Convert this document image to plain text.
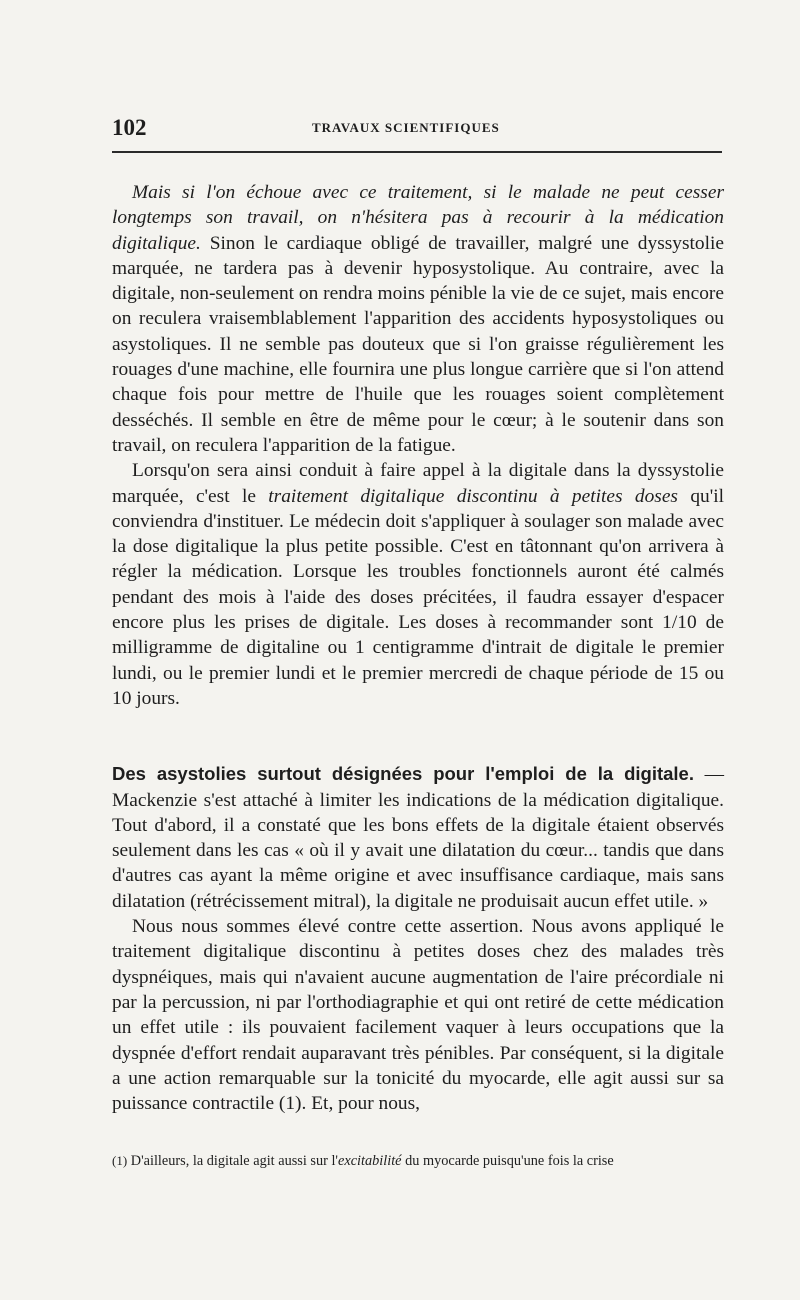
102	TRAVAUX SCIENTIFIQUES

Mais si l'on échoue avec ce traitement, si le malade ne peut cesser longtemps son travail, on n'hésitera pas à recourir à la médication digitalique. Sinon le cardiaque obligé de travailler, malgré une dyssystolie marquée, ne tardera pas à devenir hyposystolique. Au contraire, avec la digitale, non-seulement on rendra moins pénible la vie de ce sujet, mais encore on reculera vraisemblablement l'apparition des accidents hyposystoliques ou asystoliques. Il ne semble pas douteux que si l'on graisse régulièrement les rouages d'une machine, elle fournira une plus longue carrière que si l'on attend chaque fois pour mettre de l'huile que les rouages soient complètement desséchés. Il semble en être de même pour le cœur; à le soutenir dans son travail, on reculera l'apparition de la fatigue.

Lorsqu'on sera ainsi conduit à faire appel à la digitale dans la dyssystolie marquée, c'est le traitement digitalique discontinu à petites doses qu'il conviendra d'instituer. Le médecin doit s'appliquer à soulager son malade avec la dose digitalique la plus petite possible. C'est en tâtonnant qu'on arrivera à régler la médication. Lorsque les troubles fonctionnels auront été calmés pendant des mois à l'aide des doses précitées, il faudra essayer d'espacer encore plus les prises de digitale. Les doses à recommander sont 1/10 de milligramme de digitaline ou 1 centigramme d'intrait de digitale le premier lundi, ou le premier lundi et le premier mercredi de chaque période de 15 ou 10 jours.

Des asystolies surtout désignées pour l'emploi de la digitale. — Mackenzie s'est attaché à limiter les indications de la médication digitalique. Tout d'abord, il a constaté que les bons effets de la digitale étaient observés seulement dans les cas « où il y avait une dilatation du cœur... tandis que dans d'autres cas ayant la même origine et avec insuffisance cardiaque, mais sans dilatation (rétrécissement mitral), la digitale ne produisait aucun effet utile. »

Nous nous sommes élevé contre cette assertion. Nous avons appliqué le traitement digitalique discontinu à petites doses chez des malades très dyspnéiques, mais qui n'avaient aucune augmentation de l'aire précordiale ni par la percussion, ni par l'orthodiagraphie et qui ont retiré de cette médication un effet utile : ils pouvaient facilement vaquer à leurs occupations que la dyspnée d'effort rendait auparavant très pénibles. Par conséquent, si la digitale a une action remarquable sur la tonicité du myocarde, elle agit aussi sur sa puissance contractile (1). Et, pour nous,

(1) D'ailleurs, la digitale agit aussi sur l'excitabilité du myocarde puisqu'une fois la crise
